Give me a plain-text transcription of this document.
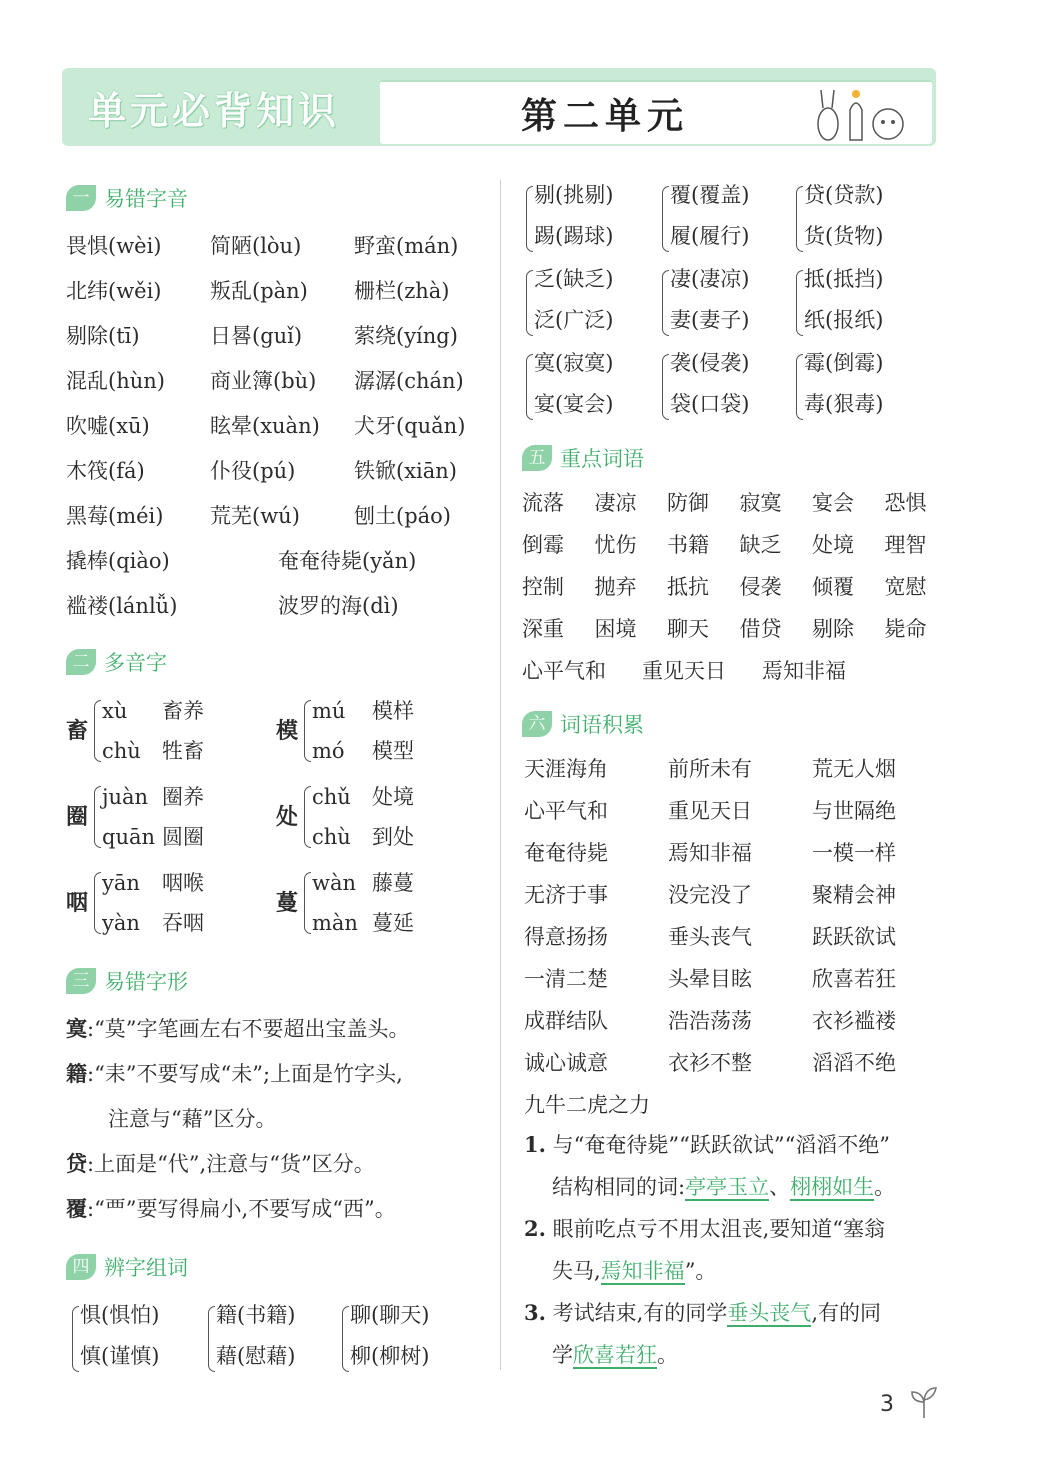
单元必背知识	第二单元
一 易错字音
畏惧(wèi) 简陋(lòu)	野蛮(mán)
北纬(wěi) 叛乱(pàn) 栅栏(zhà)
剔除(tī)	日晷(guǐ) 萦绕(yíng)
混乱(hùn) 商业簿(bù) 潺潺(chán)
吹嘘(xū)	眩晕(xuàn) 犬牙(quǎn)
木筏(fá)	仆役(pú)	铁锨(xiān)
黑莓(méi) 荒芜(wú)	刨土(páo)
撬棒(qiào)	奄奄待毙(yǎn)
褴褛(lánlǚ)	波罗的海(dì)
二 多音字
畜
xù 畜养
chù 牲畜
模
mú 模样
mó 模型
圈
juàn 圈养
quān 圆圈
处
chǔ 处境
chù 到处
咽
yān 咽喉
yàn 吞咽
蔓
wàn 藤蔓
màn 蔓延
三 易错字形
寞:“莫”字笔画左右不要超出宝盖头。
籍:“耒”不要写成“未”;上面是竹字头,
注意与“藉”区分。
贷:上面是“代”,注意与“货”区分。
覆:“覀”要写得扁小,不要写成“西”。
四 辨字组词
惧(惧怕)
慎(谨慎)
籍(书籍)
藉(慰藉)
聊(聊天)
柳(柳树)
剔(挑剔)
踢(踢球)
覆(覆盖)
履(履行)
贷(贷款)
货(货物)
乏(缺乏)
泛(广泛)
凄(凄凉)
妻(妻子)
抵(抵挡)
纸(报纸)
寞(寂寞)
宴(宴会)
袭(侵袭)
袋(口袋)
霉(倒霉)
毒(狠毒)
五 重点词语
流落 凄凉 防御 寂寞 宴会 恐惧
倒霉 忧伤 书籍 缺乏 处境 理智
控制 抛弃 抵抗 侵袭 倾覆 宽慰
深重 困境 聊天 借贷 剔除 毙命
心平气和 重见天日 焉知非福
六 词语积累
天涯海角	前所未有	荒无人烟
心平气和	重见天日	与世隔绝
奄奄待毙	焉知非福	一模一样
无济于事	没完没了	聚精会神
得意扬扬	垂头丧气	跃跃欲试
一清二楚	头晕目眩	欣喜若狂
成群结队	浩浩荡荡	衣衫褴褛
诚心诚意	衣衫不整	滔滔不绝
九牛二虎之力
1. 与“奄奄待毙”“跃跃欲试”“滔滔不绝”
结构相同的词:亭亭玉立、栩栩如生。
2. 眼前吃点亏不用太沮丧,要知道“塞翁
失马,焉知非福”。
3. 考试结束,有的同学垂头丧气,有的同
学欣喜若狂。
3
